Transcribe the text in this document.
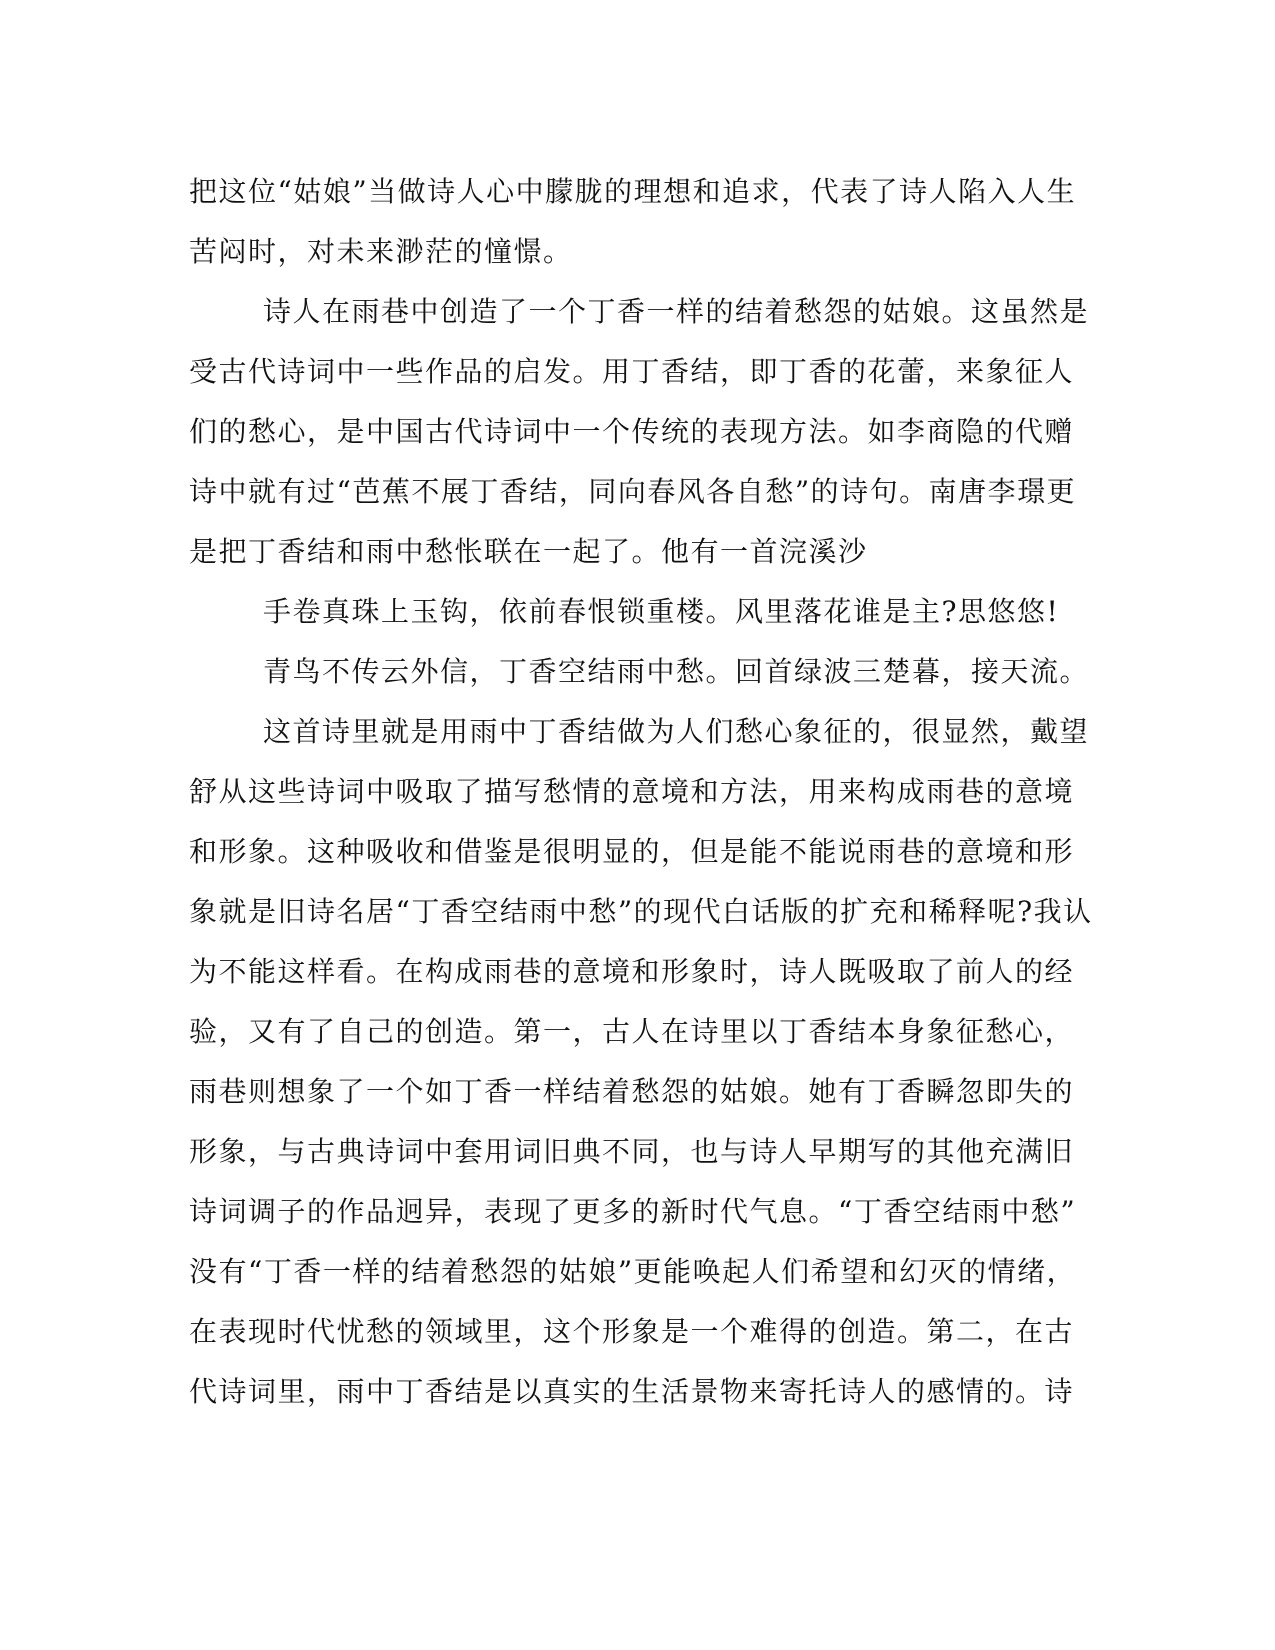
把这位“姑娘”当做诗人心中朦胧的理想和追求，代表了诗人陷入人生
苦闷时，对未来渺茫的憧憬。
诗人在雨巷中创造了一个丁香一样的结着愁怨的姑娘。这虽然是
受古代诗词中一些作品的启发。用丁香结，即丁香的花蕾，来象征人
们的愁心，是中国古代诗词中一个传统的表现方法。如李商隐的代赠
诗中就有过“芭蕉不展丁香结，同向春风各自愁”的诗句。南唐李璟更
是把丁香结和雨中愁怅联在一起了。他有一首浣溪沙
手卷真珠上玉钩，依前春恨锁重楼。风里落花谁是主?思悠悠!
青鸟不传云外信，丁香空结雨中愁。回首绿波三楚暮，接天流。
这首诗里就是用雨中丁香结做为人们愁心象征的，很显然，戴望
舒从这些诗词中吸取了描写愁情的意境和方法，用来构成雨巷的意境
和形象。这种吸收和借鉴是很明显的，但是能不能说雨巷的意境和形
象就是旧诗名居“丁香空结雨中愁”的现代白话版的扩充和稀释呢?我认
为不能这样看。在构成雨巷的意境和形象时，诗人既吸取了前人的经
验，又有了自己的创造。第一，古人在诗里以丁香结本身象征愁心，
雨巷则想象了一个如丁香一样结着愁怨的姑娘。她有丁香瞬忽即失的
形象，与古典诗词中套用词旧典不同，也与诗人早期写的其他充满旧
诗词调子的作品迥异，表现了更多的新时代气息。“丁香空结雨中愁”
没有“丁香一样的结着愁怨的姑娘”更能唤起人们希望和幻灭的情绪，
在表现时代忧愁的领域里，这个形象是一个难得的创造。第二，在古
代诗词里，雨中丁香结是以真实的生活景物来寄托诗人的感情的。诗
